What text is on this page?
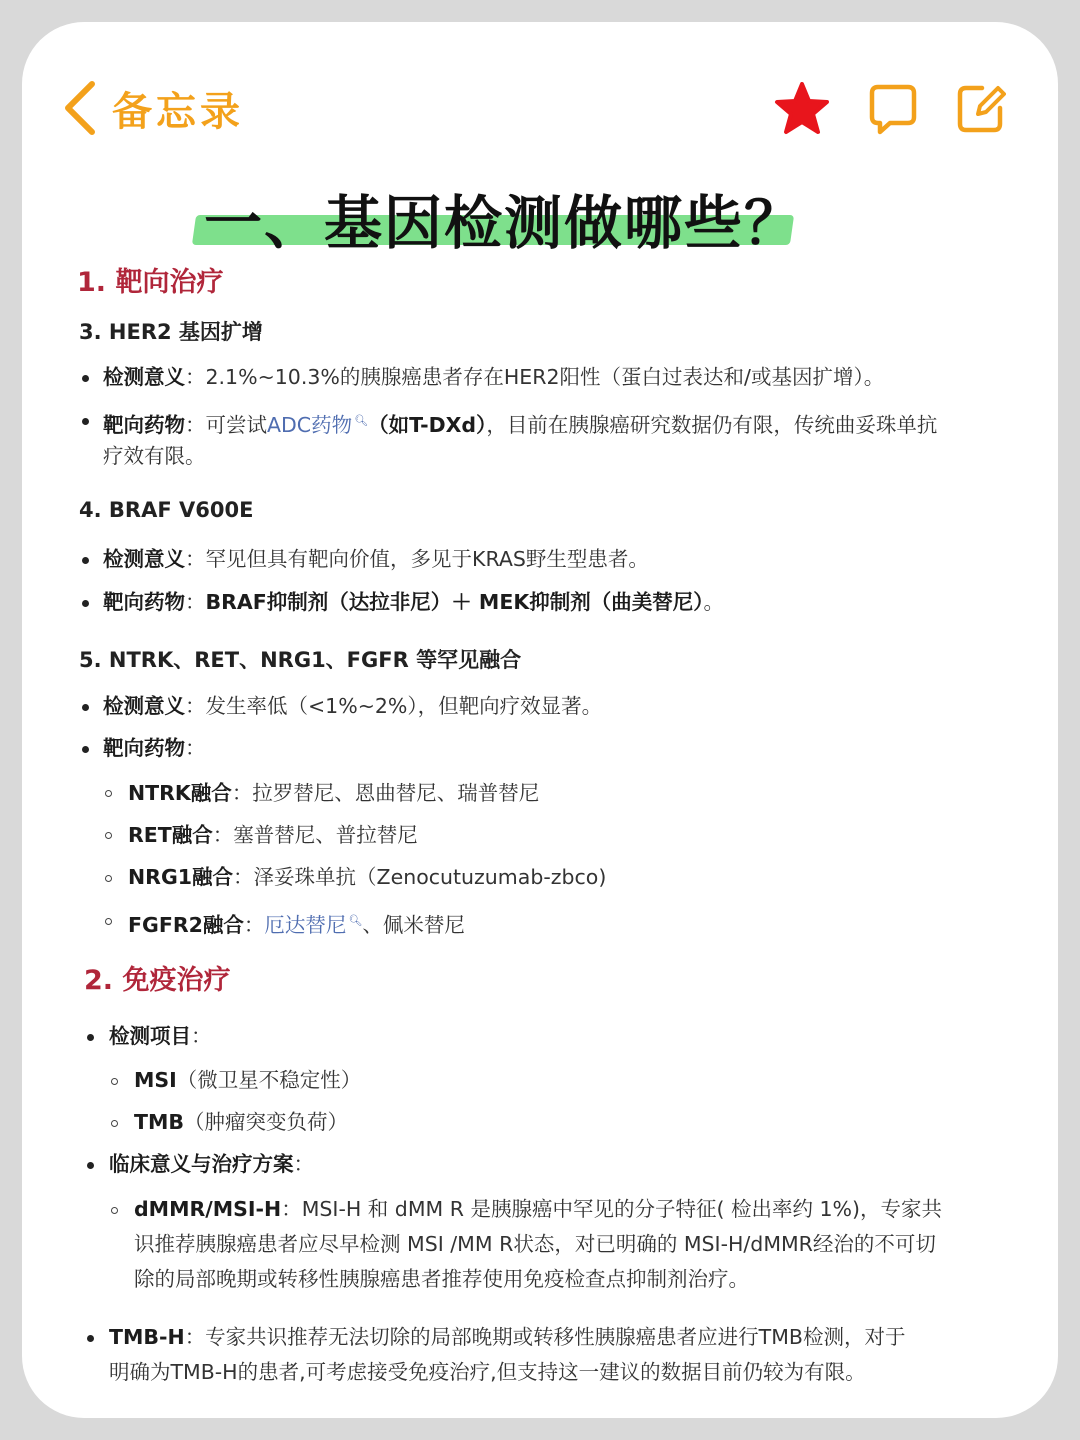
备忘录
一、基因检测做哪些？
1. 靶向治疗
3. HER2 基因扩增
检测意义：2.1%~10.3%的胰腺癌患者存在HER2阳性（蛋白过表达和/或基因扩增）。
靶向药物：可尝试ADC药物 🔍︎（如T-DXd），目前在胰腺癌研究数据仍有限，传统曲妥珠单抗
疗效有限。
4. BRAF V600E
检测意义：罕见但具有靶向价值，多见于KRAS野生型患者。
靶向药物：BRAF抑制剂（达拉非尼）＋ MEK抑制剂（曲美替尼）。
5. NTRK、RET、NRG1、FGFR 等罕见融合
检测意义：发生率低（<1%~2%），但靶向疗效显著。
靶向药物：
NTRK融合：拉罗替尼、恩曲替尼、瑞普替尼
RET融合：塞普替尼、普拉替尼
NRG1融合：泽妥珠单抗（Zenocutuzumab-zbco)
FGFR2融合：厄达替尼 🔍︎、佩米替尼
2. 免疫治疗
检测项目：
MSI（微卫星不稳定性）
TMB（肿瘤突变负荷）
临床意义与治疗方案：
dMMR/MSI-H：MSI-H 和 dMM R 是胰腺癌中罕见的分子特征( 检出率约 1%)，专家共
识推荐胰腺癌患者应尽早检测 MSI /MM R状态，对已明确的 MSI-H/dMMR经治的不可切
除的局部晚期或转移性胰腺癌患者推荐使用免疫检查点抑制剂治疗。
TMB-H：专家共识推荐无法切除的局部晚期或转移性胰腺癌患者应进行TMB检测，对于
明确为TMB-H的患者,可考虑接受免疫治疗,但支持这一建议的数据目前仍较为有限。
